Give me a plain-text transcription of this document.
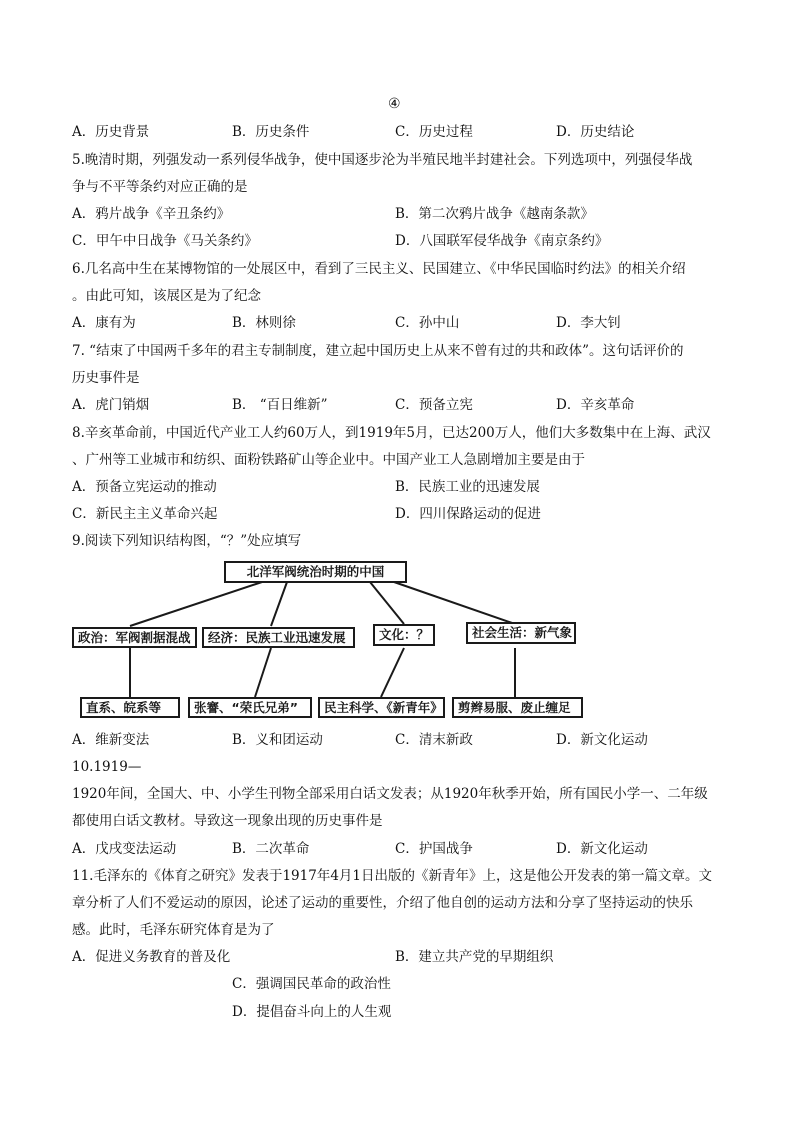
④
A．历史背景	B．历史条件	C．历史过程	D．历史结论
5.晚清时期，列强发动一系列侵华战争，使中国逐步沦为半殖民地半封建社会。下列选项中，列强侵华战
争与不平等条约对应正确的是
A．鸦片战争《辛丑条约》	B．第二次鸦片战争《越南条款》
C．甲午中日战争《马关条约》	D．八国联军侵华战争《南京条约》
6.几名高中生在某博物馆的一处展区中，看到了三民主义、民国建立、《中华民国临时约法》的相关介绍
。由此可知，该展区是为了纪念
A．康有为	B．林则徐	C．孙中山	D．李大钊
7. “结束了中国两千多年的君主专制制度，建立起中国历史上从来不曾有过的共和政体”。这句话评价的
历史事件是
A．虎门销烟	B． “百日维新”	C．预备立宪	D．辛亥革命
8.辛亥革命前，中国近代产业工人约60万人，到1919年5月，已达200万人，他们大多数集中在上海、武汉
、广州等工业城市和纺织、面粉铁路矿山等企业中。中国产业工人急剧增加主要是由于
A．预备立宪运动的推动	B．民族工业的迅速发展
C．新民主主义革命兴起	D．四川保路运动的促进
9.阅读下列知识结构图，“？”处应填写
北洋军阀统治时期的中国
政治：军阀割据混战	经济：民族工业迅速发展	文化：？	社会生活：新气象
直系、皖系等	张謇、“荣氏兄弟”	民主科学、《新青年》	剪辫易服、废止缠足
A．维新变法	B．义和团运动	C．清末新政	D．新文化运动
10.1919—
1920年间，全国大、中、小学生刊物全部采用白话文发表；从1920年秋季开始，所有国民小学一、二年级
都使用白话文教材。导致这一现象出现的历史事件是
A．戊戌变法运动	B．二次革命	C．护国战争	D．新文化运动
11.毛泽东的《体育之研究》发表于1917年4月1日出版的《新青年》上，这是他公开发表的第一篇文章。文
章分析了人们不爱运动的原因，论述了运动的重要性，介绍了他自创的运动方法和分享了坚持运动的快乐
感。此时，毛泽东研究体育是为了
A．促进义务教育的普及化	B．建立共产党的早期组织
C．强调国民革命的政治性
D．提倡奋斗向上的人生观
